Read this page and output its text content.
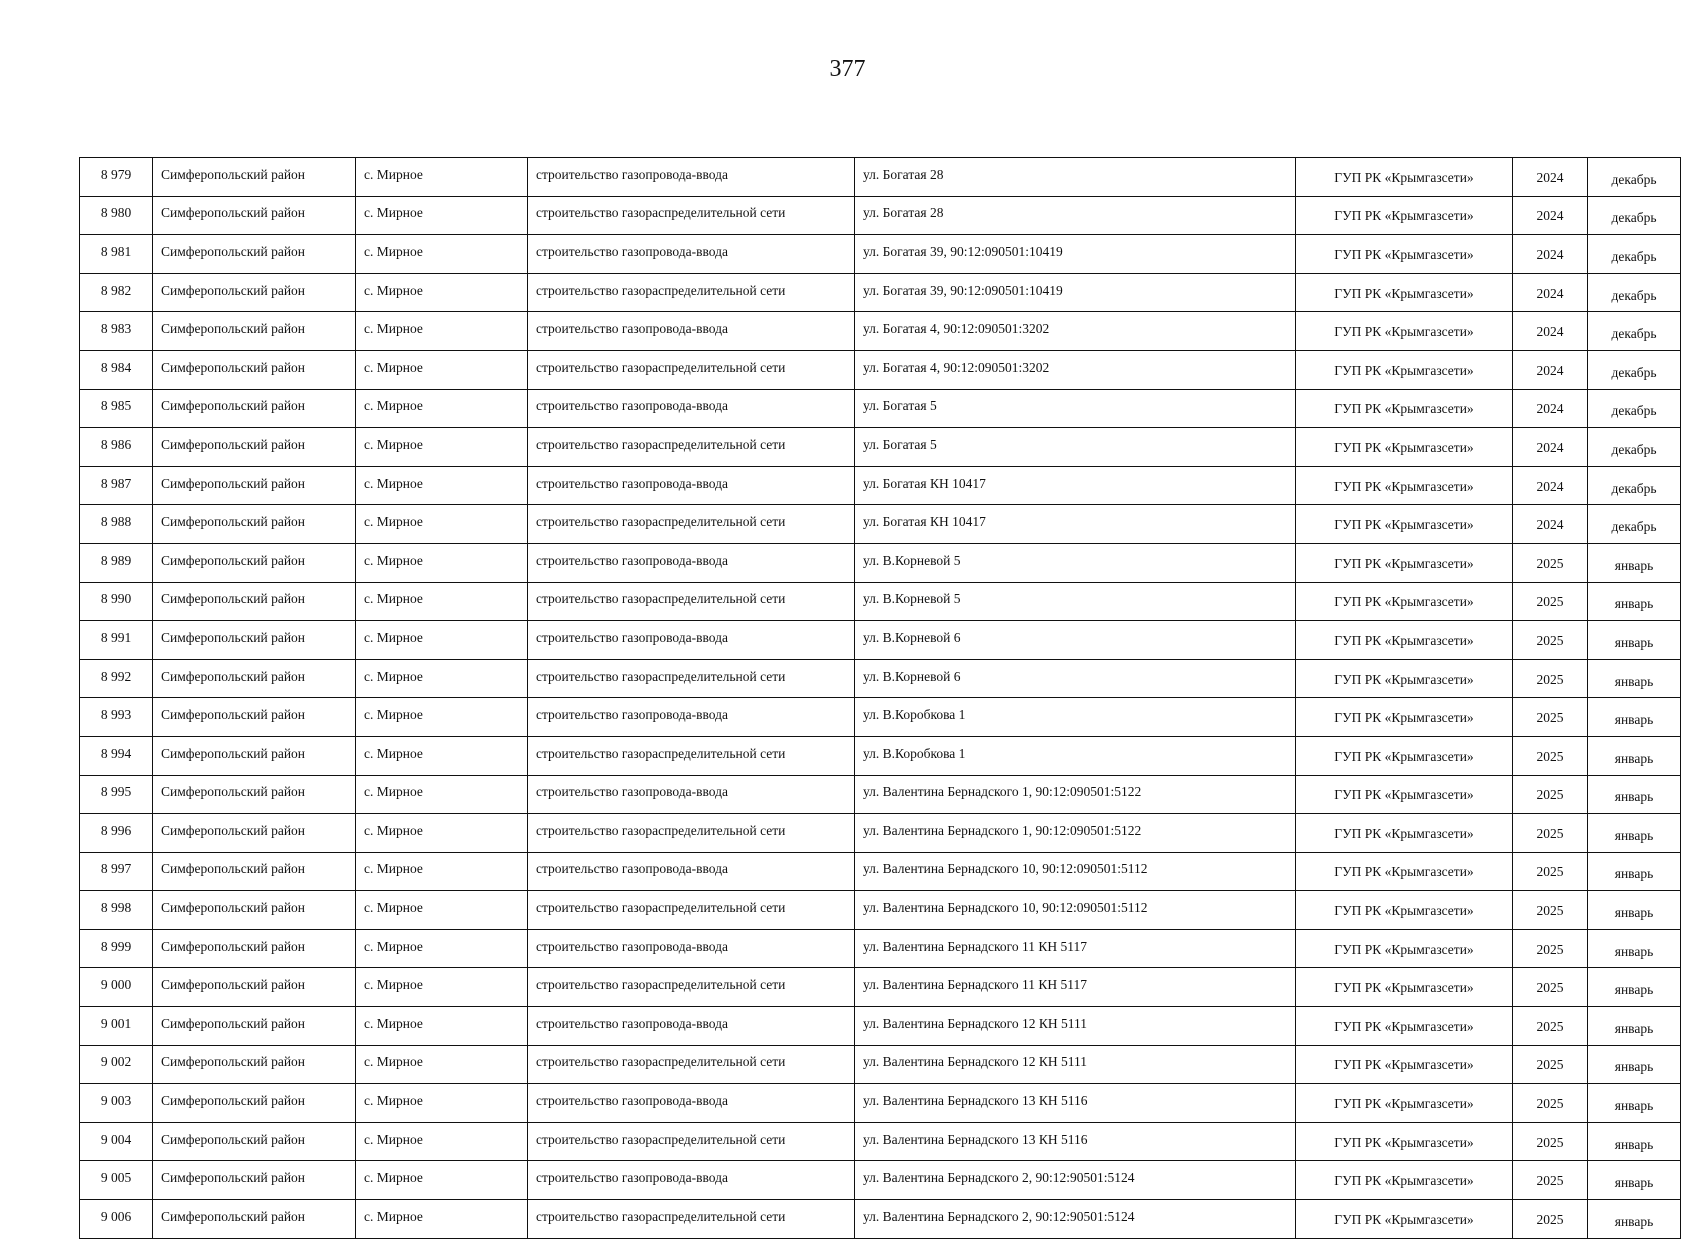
377
8 979	Симферопольский район	с. Мирное	строительство газопровода-ввода	ул. Богатая 28	ГУП РК «Крымгазсети»	2024	декабрь
8 980	Симферопольский район	с. Мирное	строительство газораспределительной сети	ул. Богатая 28	ГУП РК «Крымгазсети»	2024	декабрь
8 981	Симферопольский район	с. Мирное	строительство газопровода-ввода	ул. Богатая 39, 90:12:090501:10419	ГУП РК «Крымгазсети»	2024	декабрь
8 982	Симферопольский район	с. Мирное	строительство газораспределительной сети	ул. Богатая 39, 90:12:090501:10419	ГУП РК «Крымгазсети»	2024	декабрь
8 983	Симферопольский район	с. Мирное	строительство газопровода-ввода	ул. Богатая 4, 90:12:090501:3202	ГУП РК «Крымгазсети»	2024	декабрь
8 984	Симферопольский район	с. Мирное	строительство газораспределительной сети	ул. Богатая 4, 90:12:090501:3202	ГУП РК «Крымгазсети»	2024	декабрь
8 985	Симферопольский район	с. Мирное	строительство газопровода-ввода	ул. Богатая 5	ГУП РК «Крымгазсети»	2024	декабрь
8 986	Симферопольский район	с. Мирное	строительство газораспределительной сети	ул. Богатая 5	ГУП РК «Крымгазсети»	2024	декабрь
8 987	Симферопольский район	с. Мирное	строительство газопровода-ввода	ул. Богатая КН 10417	ГУП РК «Крымгазсети»	2024	декабрь
8 988	Симферопольский район	с. Мирное	строительство газораспределительной сети	ул. Богатая КН 10417	ГУП РК «Крымгазсети»	2024	декабрь
8 989	Симферопольский район	с. Мирное	строительство газопровода-ввода	ул. В.Корневой 5	ГУП РК «Крымгазсети»	2025	январь
8 990	Симферопольский район	с. Мирное	строительство газораспределительной сети	ул. В.Корневой 5	ГУП РК «Крымгазсети»	2025	январь
8 991	Симферопольский район	с. Мирное	строительство газопровода-ввода	ул. В.Корневой 6	ГУП РК «Крымгазсети»	2025	январь
8 992	Симферопольский район	с. Мирное	строительство газораспределительной сети	ул. В.Корневой 6	ГУП РК «Крымгазсети»	2025	январь
8 993	Симферопольский район	с. Мирное	строительство газопровода-ввода	ул. В.Коробкова 1	ГУП РК «Крымгазсети»	2025	январь
8 994	Симферопольский район	с. Мирное	строительство газораспределительной сети	ул. В.Коробкова 1	ГУП РК «Крымгазсети»	2025	январь
8 995	Симферопольский район	с. Мирное	строительство газопровода-ввода	ул. Валентина Бернадского 1, 90:12:090501:5122	ГУП РК «Крымгазсети»	2025	январь
8 996	Симферопольский район	с. Мирное	строительство газораспределительной сети	ул. Валентина Бернадского 1, 90:12:090501:5122	ГУП РК «Крымгазсети»	2025	январь
8 997	Симферопольский район	с. Мирное	строительство газопровода-ввода	ул. Валентина Бернадского 10, 90:12:090501:5112	ГУП РК «Крымгазсети»	2025	январь
8 998	Симферопольский район	с. Мирное	строительство газораспределительной сети	ул. Валентина Бернадского 10, 90:12:090501:5112	ГУП РК «Крымгазсети»	2025	январь
8 999	Симферопольский район	с. Мирное	строительство газопровода-ввода	ул. Валентина Бернадского 11 КН 5117	ГУП РК «Крымгазсети»	2025	январь
9 000	Симферопольский район	с. Мирное	строительство газораспределительной сети	ул. Валентина Бернадского 11 КН 5117	ГУП РК «Крымгазсети»	2025	январь
9 001	Симферопольский район	с. Мирное	строительство газопровода-ввода	ул. Валентина Бернадского 12 КН 5111	ГУП РК «Крымгазсети»	2025	январь
9 002	Симферопольский район	с. Мирное	строительство газораспределительной сети	ул. Валентина Бернадского 12 КН 5111	ГУП РК «Крымгазсети»	2025	январь
9 003	Симферопольский район	с. Мирное	строительство газопровода-ввода	ул. Валентина Бернадского 13 КН 5116	ГУП РК «Крымгазсети»	2025	январь
9 004	Симферопольский район	с. Мирное	строительство газораспределительной сети	ул. Валентина Бернадского 13 КН 5116	ГУП РК «Крымгазсети»	2025	январь
9 005	Симферопольский район	с. Мирное	строительство газопровода-ввода	ул. Валентина Бернадского 2, 90:12:90501:5124	ГУП РК «Крымгазсети»	2025	январь
9 006	Симферопольский район	с. Мирное	строительство газораспределительной сети	ул. Валентина Бернадского 2, 90:12:90501:5124	ГУП РК «Крымгазсети»	2025	январь
